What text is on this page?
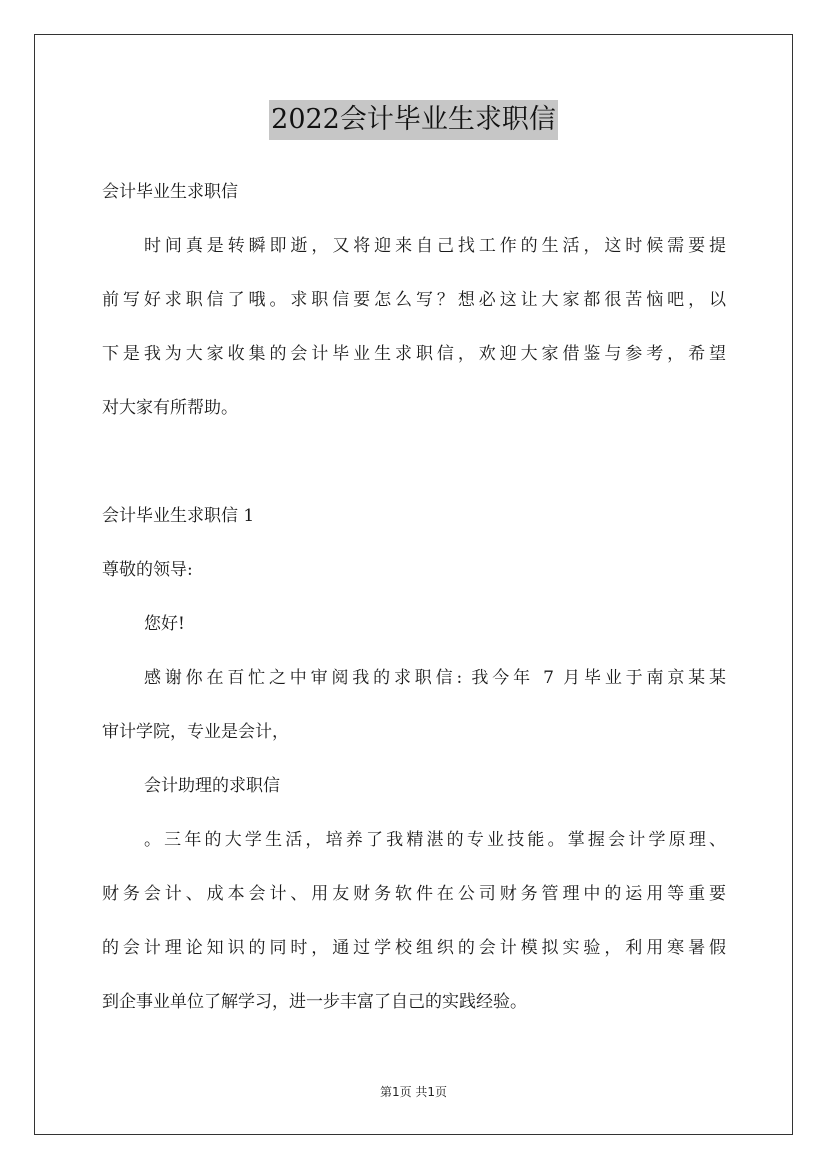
2022会计毕业生求职信
会计毕业生求职信
时间真是转瞬即逝，又将迎来自己找工作的生活，这时候需要提
前写好求职信了哦。求职信要怎么写？想必这让大家都很苦恼吧，以
下是我为大家收集的会计毕业生求职信，欢迎大家借鉴与参考，希望
对大家有所帮助。
会计毕业生求职信 1
尊敬的领导:
您好!
感谢你在百忙之中审阅我的求职信: 我今年 7 月毕业于南京某某
审计学院，专业是会计，
会计助理的求职信
。三年的大学生活，培养了我精湛的专业技能。掌握会计学原理、
财务会计、成本会计、用友财务软件在公司财务管理中的运用等重要
的会计理论知识的同时，通过学校组织的会计模拟实验，利用寒暑假
到企事业单位了解学习，进一步丰富了自己的实践经验。
第1页 共1页
